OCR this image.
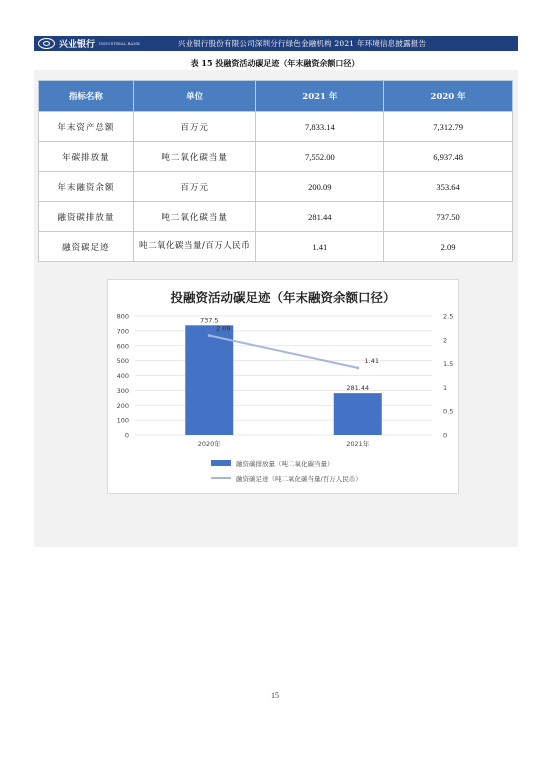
兴业银行 INDUSTRIAL BANK	兴业银行股份有限公司深圳分行绿色金融机构 2021 年环境信息披露报告
表 15 投融资活动碳足迹（年末融资余额口径）
指标名称	单位	2021 年	2020 年
年末资产总额	百万元	7,833.14	7,312.79
年碳排放量	吨二氧化碳当量	7,552.00	6,937.48
年末融资余额	百万元	200.09	353.64
融资碳排放量	吨二氧化碳当量	281.44	737.50
融资碳足迹	吨二氧化碳当量/百万人民币	1.41	2.09
投融资活动碳足迹（年末融资余额口径）
0
100
200
300
400
500
600
700
800
0
0.5
1
1.5
2
2.5
737.5
281.44
2020年	2021年
2.09
1.41
融资碳排放量（吨二氧化碳当量）
融资碳足迹（吨二氧化碳当量/百万人民币）
15
